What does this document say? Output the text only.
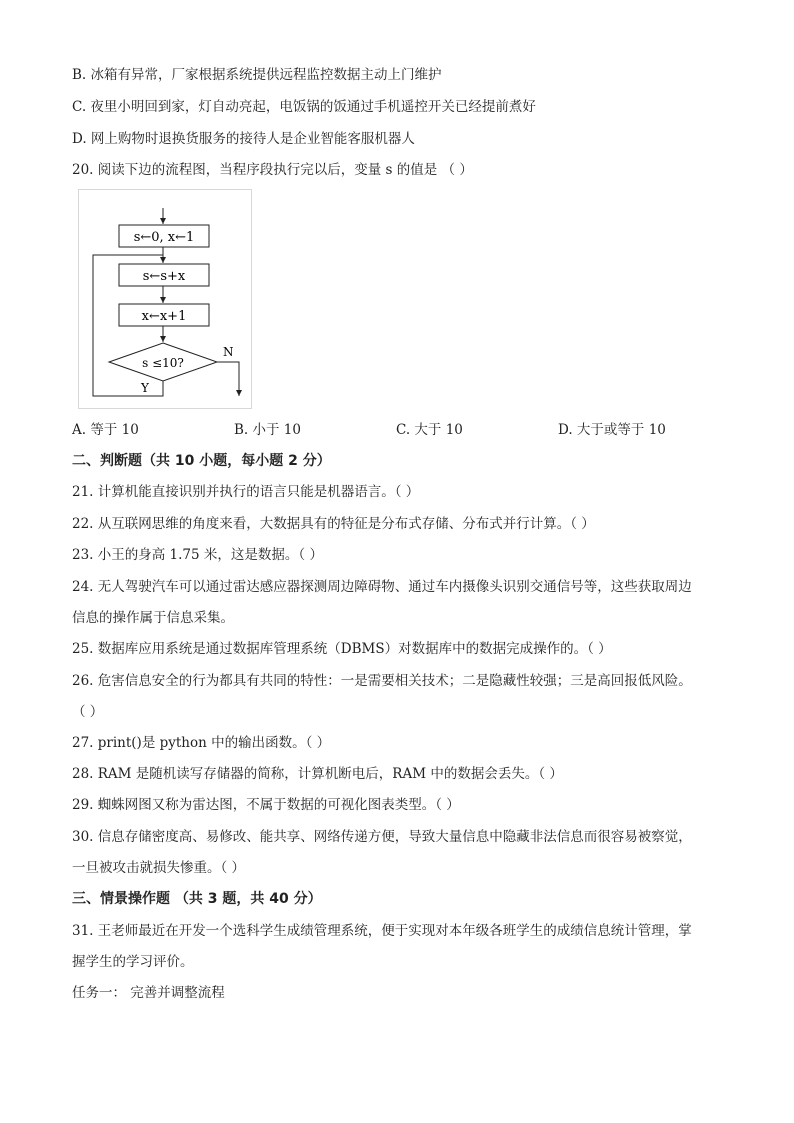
B. 冰箱有异常，厂家根据系统提供远程监控数据主动上门维护
C. 夜里小明回到家，灯自动亮起，电饭锅的饭通过手机遥控开关已经提前煮好
D. 网上购物时退换货服务的接待人是企业智能客服机器人
20. 阅读下边的流程图，当程序段执行完以后，变量 s 的值是 （ ）
s←0, x←1
s←s+x
x←x+1
s ≤10?
N
Y
A. 等于 10	B. 小于 10	C. 大于 10	D. 大于或等于 10
二、判断题（共 10 小题，每小题 2 分）
21. 计算机能直接识别并执行的语言只能是机器语言。（ ）
22. 从互联网思维的角度来看，大数据具有的特征是分布式存储、分布式并行计算。（ ）
23. 小王的身高 1.75 米，这是数据。（ ）
24. 无人驾驶汽车可以通过雷达感应器探测周边障碍物、通过车内摄像头识别交通信号等，这些获取周边
信息的操作属于信息采集。
25. 数据库应用系统是通过数据库管理系统（DBMS）对数据库中的数据完成操作的。（ ）
26. 危害信息安全的行为都具有共同的特性：一是需要相关技术；二是隐藏性较强；三是高回报低风险。
（ ）
27. print()是 python 中的输出函数。（ ）
28. RAM 是随机读写存储器的简称，计算机断电后，RAM 中的数据会丢失。（ ）
29. 蜘蛛网图又称为雷达图，不属于数据的可视化图表类型。（ ）
30. 信息存储密度高、易修改、能共享、网络传递方便，导致大量信息中隐藏非法信息而很容易被察觉，
一旦被攻击就损失惨重。（ ）
三、情景操作题 （共 3 题，共 40 分）
31. 王老师最近在开发一个选科学生成绩管理系统，便于实现对本年级各班学生的成绩信息统计管理，掌
握学生的学习评价。
任务一： 完善并调整流程
